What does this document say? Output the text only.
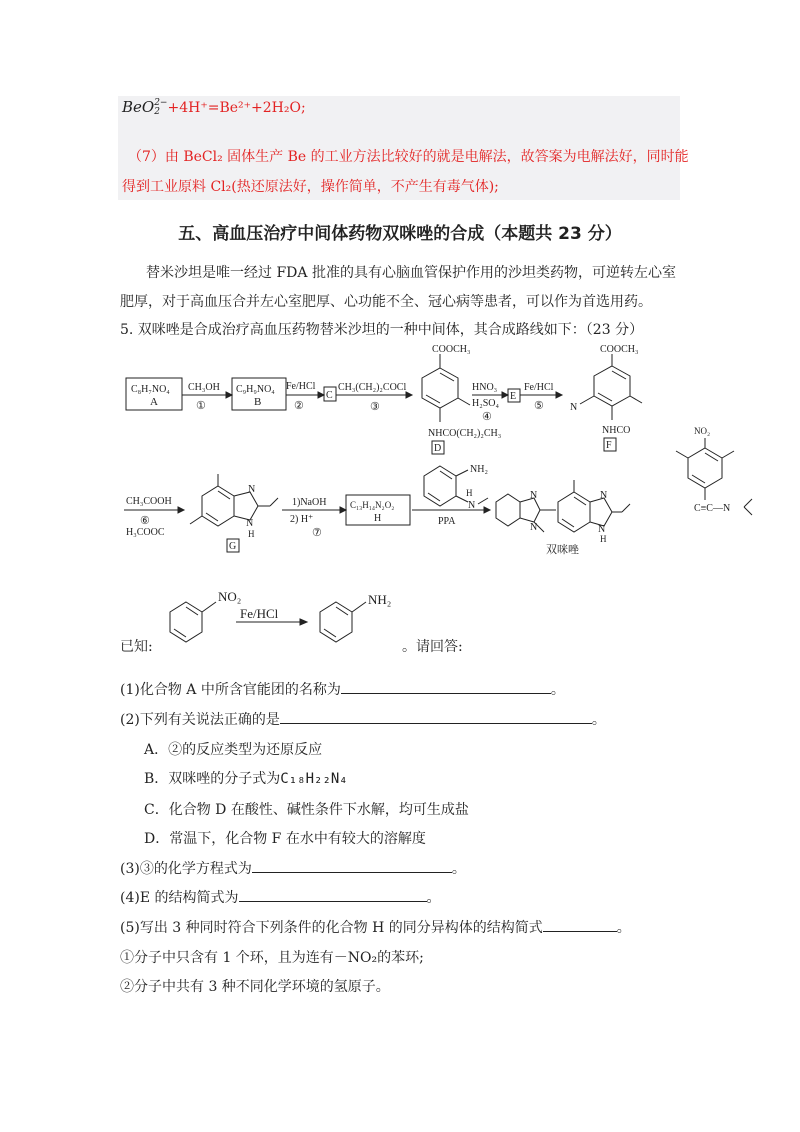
BeO 2−
2 +4H⁺=Be²⁺+2H₂O;
（7）由 BeCl₂ 固体生产 Be 的工业方法比较好的就是电解法，故答案为电解法好，同时能
得到工业原料 Cl₂(热还原法好，操作简单，不产生有毒气体);
五、高血压治疗中间体药物双咪唑的合成（本题共 23 分）
替米沙坦是唯一经过 FDA 批准的具有心脑血管保护作用的沙坦类药物，可逆转左心室
肥厚，对于高血压合并左心室肥厚、心功能不全、冠心病等患者，可以作为首选用药。
5. 双咪唑是合成治疗高血压药物替米沙坦的一种中间体，其合成路线如下：（23 分）
C₈H₇NO₄
A
CH₃OH
①
C₉H₉NO₄
B
Fe/HCl
②
C
CH₃(CH₂)₂COCl
③
COOCH₃
NHCO(CH₂)₂CH₃
D
HNO₃
H₂SO₄
④
E
Fe/HCl
⑤
COOCH₃
N
NHCO
F
NO₂
C≡C—N
CH₃COOH
⑥
H₃COOC
N
N
H
G
1)NaOH
2) H⁺
⑦
C₁₃H₁₄N₂O₂
H
NH₂
N
H
PPA
N
N
N
N
H
双咪唑
NO₂
Fe/HCl
NH₂
已知:	。请回答:
(1)化合物 A 中所含官能团的名称为	。
(2)下列有关说法正确的是	。
A．②的反应类型为还原反应
B．双咪唑的分子式为C₁₈H₂₂N₄
C．化合物 D 在酸性、碱性条件下水解，均可生成盐
D．常温下，化合物 F 在水中有较大的溶解度
(3)③的化学方程式为	。
(4)E 的结构简式为	。
(5)写出 3 种同时符合下列条件的化合物 H 的同分异构体的结构简式	。
①分子中只含有 1 个环，且为连有－NO₂的苯环;
②分子中共有 3 种不同化学环境的氢原子。
